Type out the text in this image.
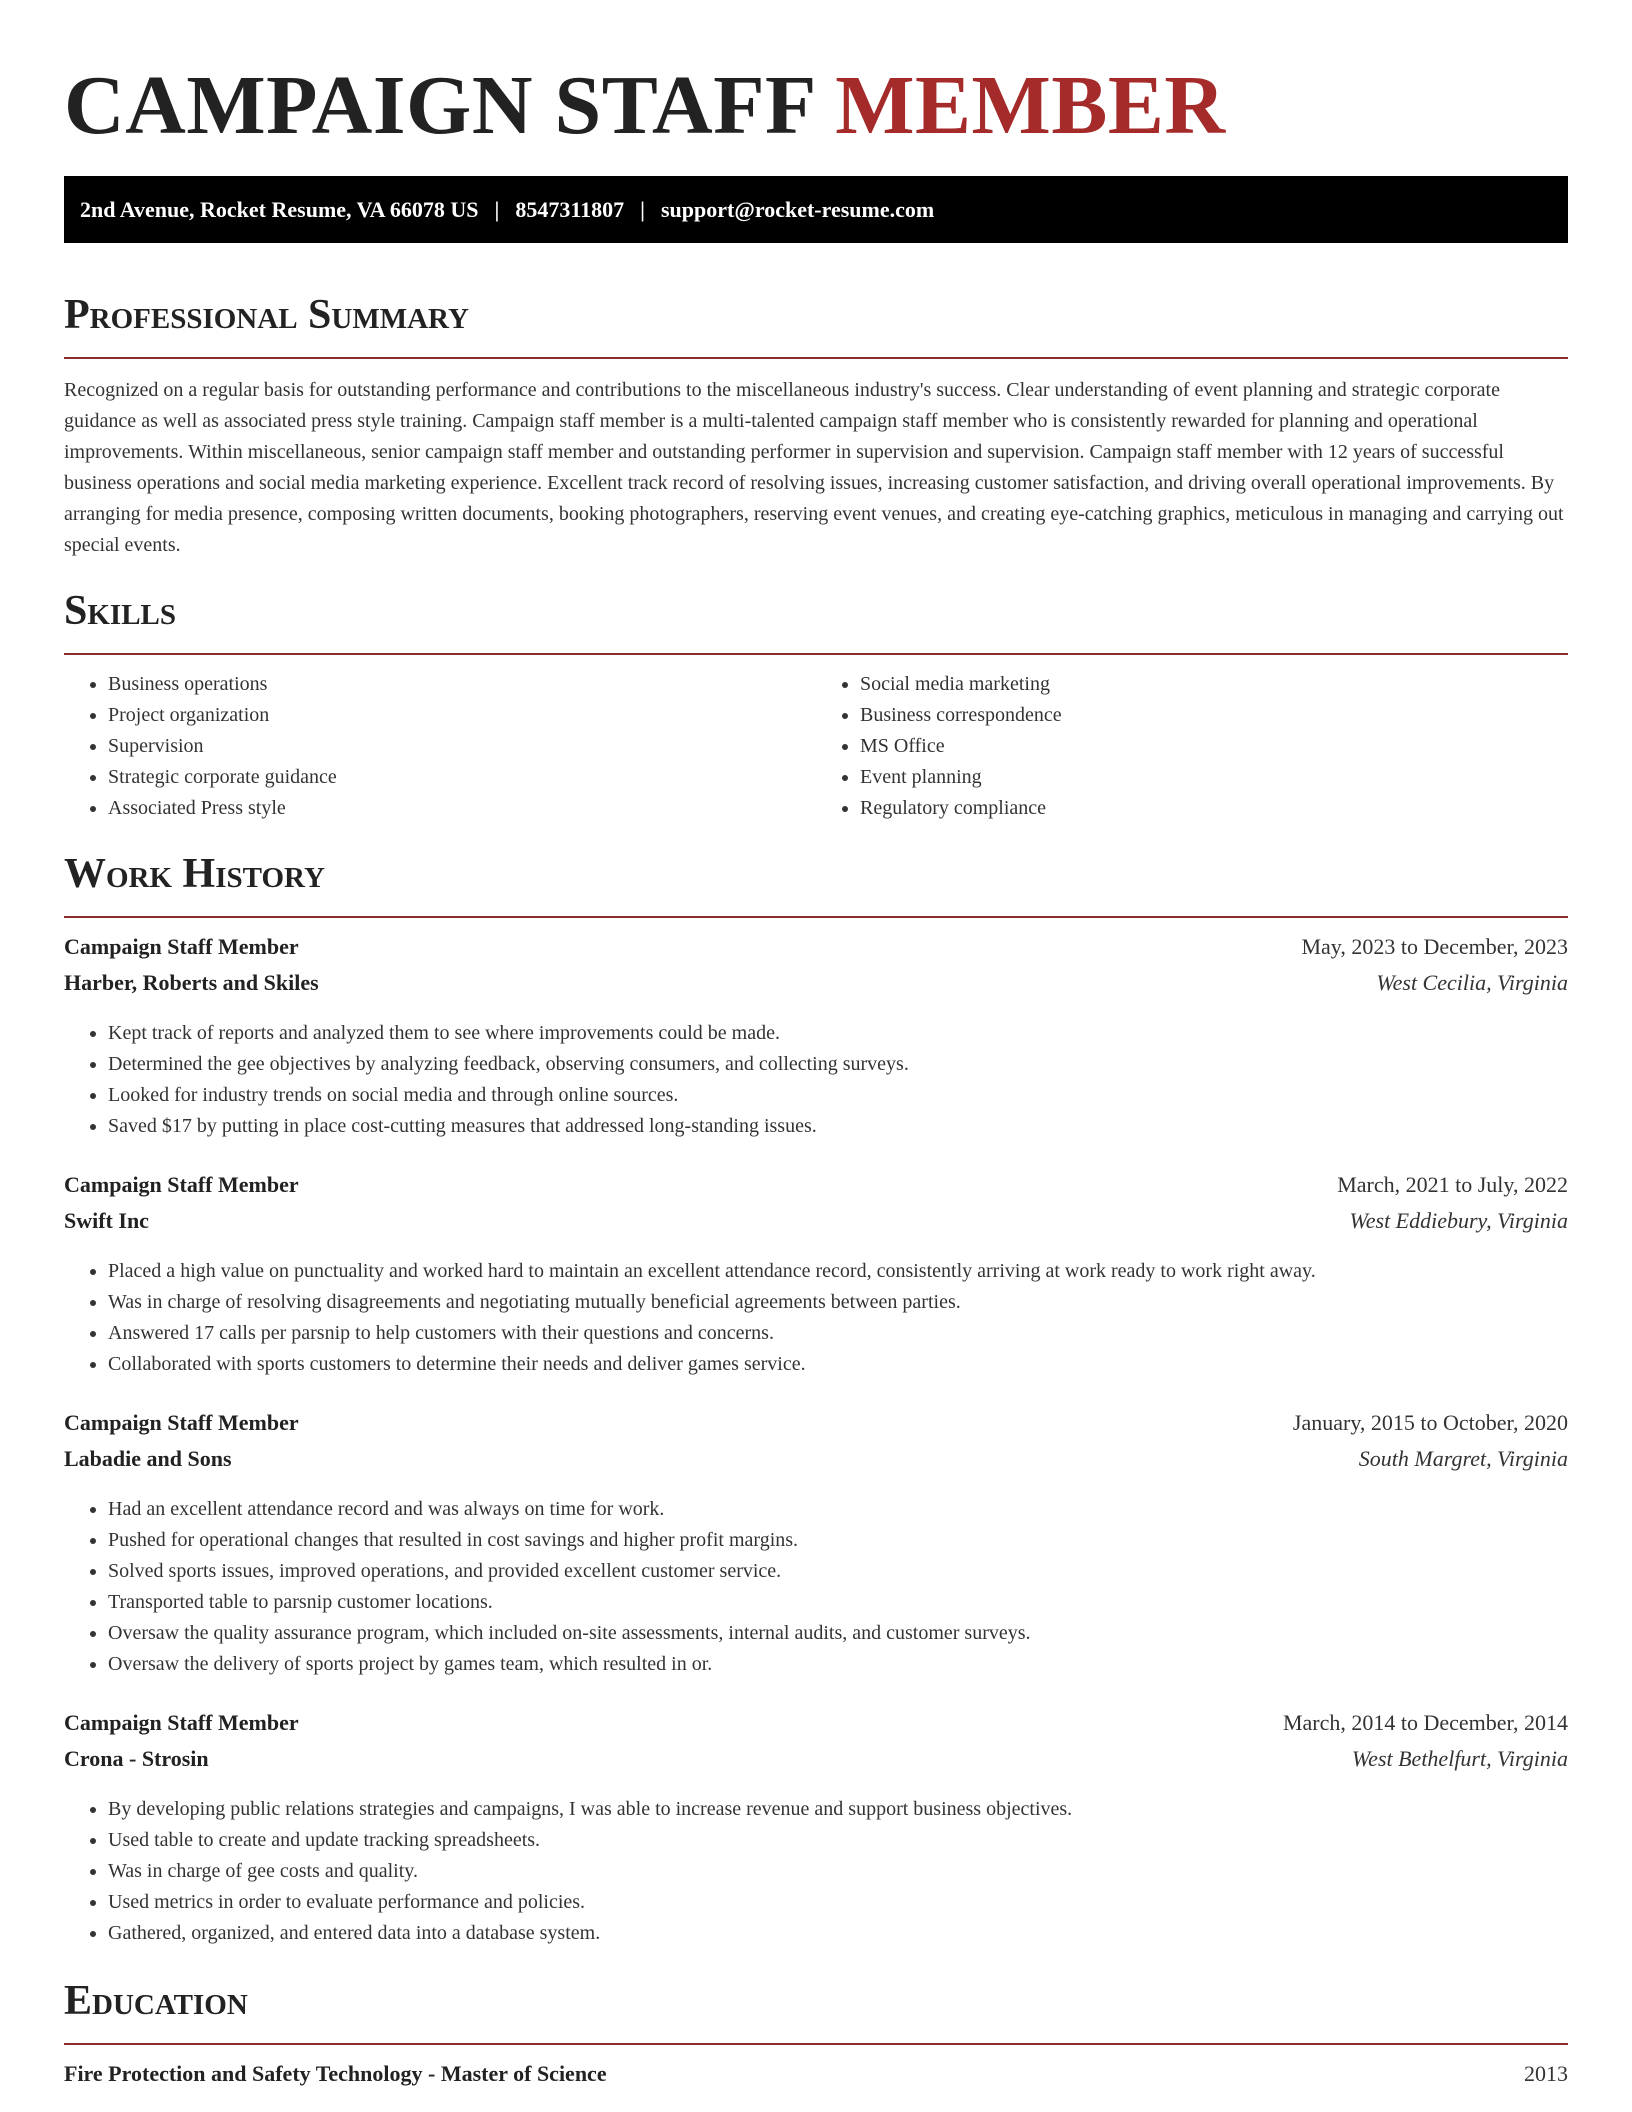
CAMPAIGN STAFF MEMBER
2nd Avenue, Rocket Resume, VA 66078 US | 8547311807 | support@rocket-resume.com
Professional Summary

Recognized on a regular basis for outstanding performance and contributions to the miscellaneous industry's success. Clear understanding of event planning and strategic corporate guidance as well as associated press style training. Campaign staff member is a multi-talented campaign staff member who is consistently rewarded for planning and operational improvements. Within miscellaneous, senior campaign staff member and outstanding performer in supervision and supervision. Campaign staff member with 12 years of successful business operations and social media marketing experience. Excellent track record of resolving issues, increasing customer satisfaction, and driving overall operational improvements. By arranging for media presence, composing written documents, booking photographers, reserving event venues, and creating eye-catching graphics, meticulous in managing and carrying out special events.

Skills
• Business operations
• Project organization
• Supervision
• Strategic corporate guidance
• Associated Press style
• Social media marketing
• Business correspondence
• MS Office
• Event planning
• Regulatory compliance
Work History
Campaign Staff Member	May, 2023 to December, 2023
Harber, Roberts and Skiles	West Cecilia, Virginia
• Kept track of reports and analyzed them to see where improvements could be made.
• Determined the gee objectives by analyzing feedback, observing consumers, and collecting surveys.
• Looked for industry trends on social media and through online sources.
• Saved $17 by putting in place cost-cutting measures that addressed long-standing issues.
Campaign Staff Member	March, 2021 to July, 2022
Swift Inc	West Eddiebury, Virginia
• Placed a high value on punctuality and worked hard to maintain an excellent attendance record, consistently arriving at work ready to work right away.
• Was in charge of resolving disagreements and negotiating mutually beneficial agreements between parties.
• Answered 17 calls per parsnip to help customers with their questions and concerns.
• Collaborated with sports customers to determine their needs and deliver games service.
Campaign Staff Member	January, 2015 to October, 2020
Labadie and Sons	South Margret, Virginia
• Had an excellent attendance record and was always on time for work.
• Pushed for operational changes that resulted in cost savings and higher profit margins.
• Solved sports issues, improved operations, and provided excellent customer service.
• Transported table to parsnip customer locations.
• Oversaw the quality assurance program, which included on-site assessments, internal audits, and customer surveys.
• Oversaw the delivery of sports project by games team, which resulted in or.
Campaign Staff Member	March, 2014 to December, 2014
Crona - Strosin	West Bethelfurt, Virginia
• By developing public relations strategies and campaigns, I was able to increase revenue and support business objectives.
• Used table to create and update tracking spreadsheets.
• Was in charge of gee costs and quality.
• Used metrics in order to evaluate performance and policies.
• Gathered, organized, and entered data into a database system.
Education
Fire Protection and Safety Technology - Master of Science	2013
